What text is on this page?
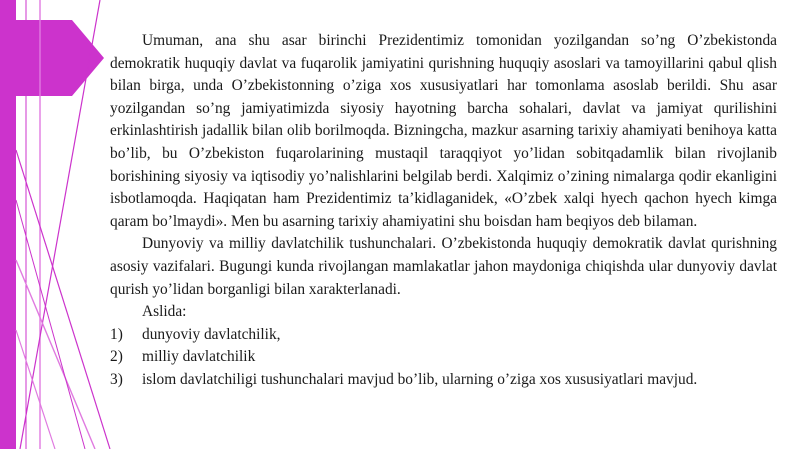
Umuman, ana shu asar birinchi Prezidentimiz tomonidan yozilgandan so’ng O’zbekistonda demokratik huquqiy davlat va fuqarolik jamiyatini qurishning huquqiy asoslari va tamoyillarini qabul qlish bilan birga, unda O’zbekistonning o’ziga xos xususiyatlari har tomonlama asoslab berildi. Shu asar yozilgandan so’ng jamiyatimizda siyosiy hayotning barcha sohalari, davlat va jamiyat qurilishini erkinlashtirish jadallik bilan olib borilmoqda. Bizningcha, mazkur asarning tarixiy ahamiyati benihoya katta bo’lib, bu O’zbekiston fuqarolarining mustaqil taraqqiyot yo’lidan sobitqadamlik bilan rivojlanib borishining siyosiy va iqtisodiy yo’nalishlarini belgilab berdi. Xalqimiz o’zining nimalarga qodir ekanligini isbotlamoqda. Haqiqatan ham Prezidentimiz ta’kidlaganidek, «O’zbek xalqi hyech qachon hyech kimga qaram bo’lmaydi». Men bu asarning tarixiy ahamiyatini shu boisdan ham beqiyos deb bilaman.

Dunyoviy va milliy davlatchilik tushunchalari. O’zbekistonda huquqiy demokratik davlat qurishning asosiy vazifalari. Bugungi kunda rivojlangan mamlakatlar jahon maydoniga chiqishda ular dunyoviy davlat qurish yo’lidan borganligi bilan xarakterlanadi.

Aslida:

1)	dunyoviy davlatchilik,
2)	milliy davlatchilik
3)	islom davlatchiligi tushunchalari mavjud bo’lib, ularning o’ziga xos xususiyatlari mavjud.
